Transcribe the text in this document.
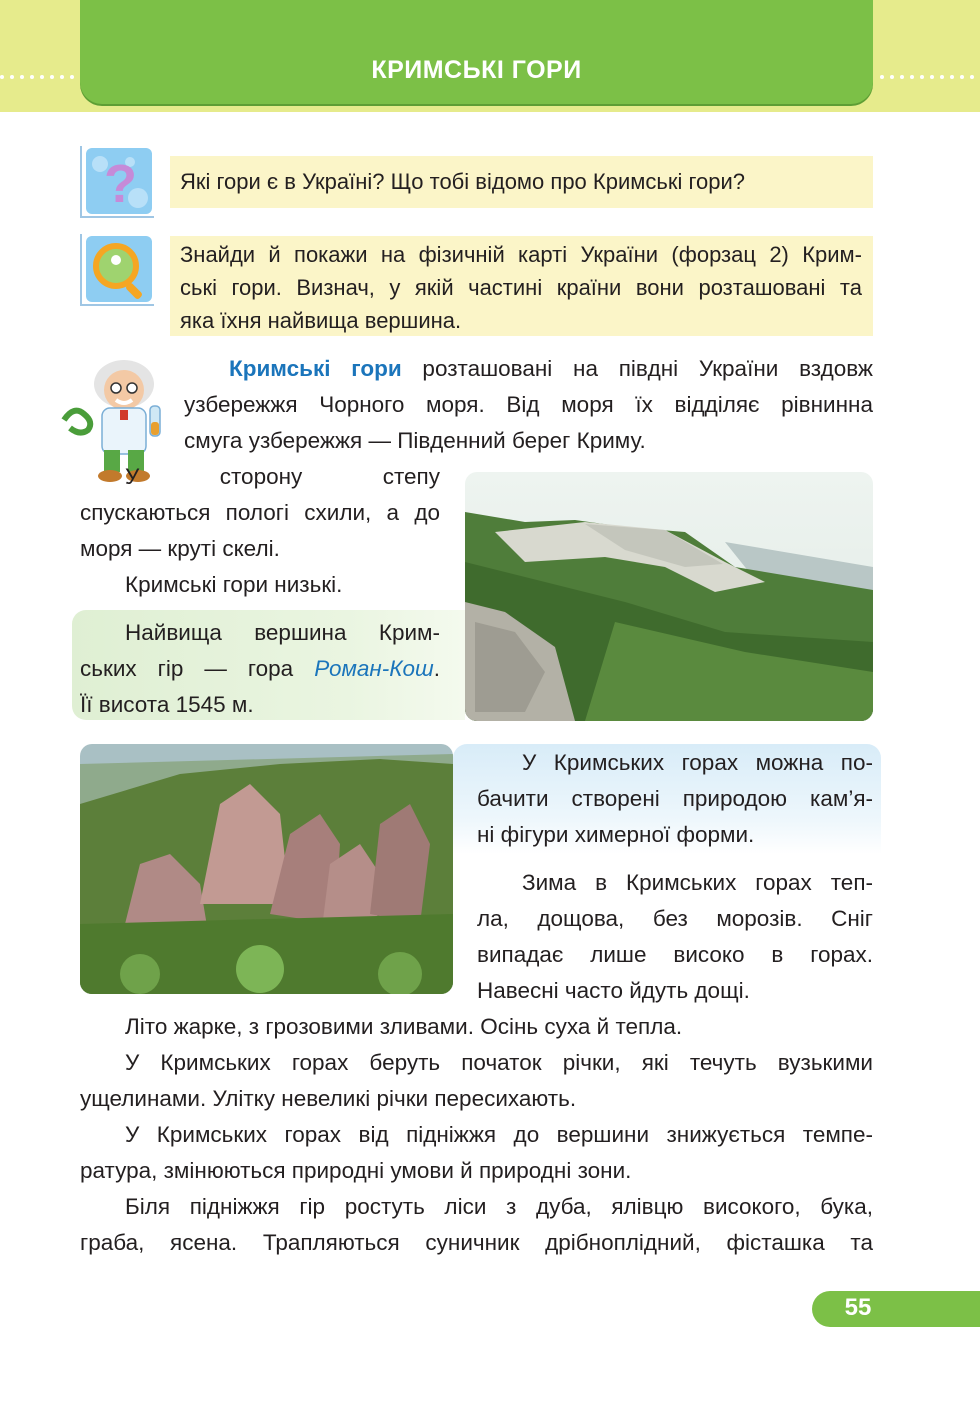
КРИМСЬКІ ГОРИ
? Які гори є в Україні? Що тобі відомо про Кримські гори?
Знайди й покажи на фізичній карті України (форзац 2) Крим-
ські гори. Визнач, у якій частині країни вони розташовані та
яка їхня найвища вершина.
Кримські гори розташовані на півдні України вздовж
узбережжя Чорного моря. Від моря їх відділяє рівнинна
смуга узбережжя — Південний берег Криму.
У сторону степу
спускаються пологі схили, а до
моря — круті скелі.
Кримські гори низькі.
Найвища вершина Крим-
ських гір — гора Роман-Кош.
Її висота 1545 м.
У Кримських горах можна по-
бачити створені природою кам’я-
ні фігури химерної форми.
Зима в Кримських горах теп-
ла, дощова, без морозів. Сніг
випадає лише високо в горах.
Навесні часто йдуть дощі.
Літо жарке, з грозовими зливами. Осінь суха й тепла.
У Кримських горах беруть початок річки, які течуть вузькими
ущелинами. Улітку невеликі річки пересихають.
У Кримських горах від підніжжя до вершини знижується темпе-
ратура, змінюються природні умови й природні зони.
Біля підніжжя гір ростуть ліси з дуба, ялівцю високого, бука,
граба, ясена. Трапляються суничник дрібноплідний, фісташка та
55
